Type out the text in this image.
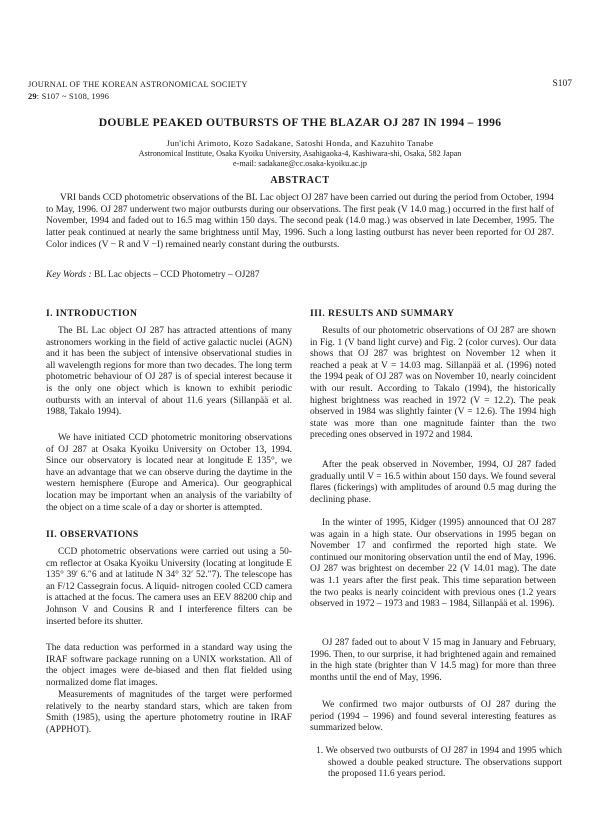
JOURNAL OF THE KOREAN ASTRONOMICAL SOCIETY
29: S107 ~ S108, 1996
S107
DOUBLE PEAKED OUTBURSTS OF THE BLAZAR OJ 287 IN 1994 – 1996
Jun'ichi Arimoto, Kozo Sadakane, Satoshi Honda, and Kazuhito Tanabe
Astronomical Institute, Osaka Kyoiku University, Asahigaoka-4, Kashiwara-shi, Osaka, 582 Japan
e-mail: sadakane@cc.osaka-kyoiku.ac.jp
ABSTRACT
VRI bands CCD photometric observations of the BL Lac object OJ 287 have been carried out during the period from October, 1994 to May, 1996. OJ 287 underwent two major outbursts during our observations. The first peak (V 14.0 mag.) occurred in the first half of November, 1994 and faded out to 16.5 mag within 150 days. The second peak (14.0 mag.) was observed in late December, 1995. The latter peak continued at nearly the same brightness until May, 1996. Such a long lasting outburst has never been reported for OJ 287. Color indices (V − R and V −I) remained nearly constant during the outbursts.
Key Words : BL Lac objects – CCD Photometry – OJ287
I. INTRODUCTION
The BL Lac object OJ 287 has attracted attentions of many astronomers working in the field of active galactic nuclei (AGN) and it has been the subject of intensive observational studies in all wavelength regions for more than two decades. The long term photometric behaviour of OJ 287 is of special interest because it is the only one object which is known to exhibit periodic outbursts with an interval of about 11.6 years (Sillanpää et al. 1988, Takalo 1994).
We have initiated CCD photometric monitoring observations of OJ 287 at Osaka Kyoiku University on October 13, 1994. Since our observatory is located near at longitude E 135°, we have an advantage that we can observe during the daytime in the western hemisphere (Europe and America). Our geographical location may be important when an analysis of the variabilty of the object on a time scale of a day or shorter is attempted.
II. OBSERVATIONS
CCD photometric observations were carried out using a 50-cm reflector at Osaka Kyoiku University (locating at longitude E 135° 39′ 6.″6 and at latitude N 34° 32′ 52.″7). The telescope has an F/12 Cassegrain focus. A liquid- nitrogen cooled CCD camera is attached at the focus. The camera uses an EEV 88200 chip and Johnson V and Cousins R and I interference filters can be inserted before its shutter.
The data reduction was performed in a standard way using the IRAF software package running on a UNIX workstation. All of the object images were de-biased and then flat fielded using normalized dome flat images.
Measurements of magnitudes of the target were performed relatively to the nearby standard stars, which are taken from Smith (1985), using the aperture photometry routine in IRAF (APPHOT).
III. RESULTS AND SUMMARY
Results of our photometric observations of OJ 287 are shown in Fig. 1 (V band light curve) and Fig. 2 (color curves). Our data shows that OJ 287 was brightest on November 12 when it reached a peak at V = 14.03 mag. Sillanpää et al. (1996) noted the 1994 peak of OJ 287 was on November 10, nearly coincident with our result. According to Takalo (1994), the historically highest brightness was reached in 1972 (V = 12.2). The peak observed in 1984 was slightly fainter (V = 12.6). The 1994 high state was more than one magnitude fainter than the two preceding ones observed in 1972 and 1984.
After the peak observed in November, 1994, OJ 287 faded gradually until V = 16.5 within about 150 days. We found several flares (fickerings) with amplitudes of around 0.5 mag during the declining phase.
In the winter of 1995, Kidger (1995) announced that OJ 287 was again in a high state. Our observations in 1995 began on November 17 and confirmed the reported high state. We continued our monitoring observation until the end of May, 1996. OJ 287 was brightest on december 22 (V 14.01 mag). The date was 1.1 years after the first peak. This time separation between the two peaks is nearly coincident with previous ones (1.2 years observed in 1972 – 1973 and 1983 – 1984, Sillanpää et al. 1996).
OJ 287 faded out to about V 15 mag in January and February, 1996. Then, to our surprise, it had brightened again and remained in the high state (brighter than V 14.5 mag) for more than three months until the end of May, 1996.
We confirmed two major outbursts of OJ 287 during the period (1994 – 1996) and found several interesting features as summarized below.
1. We observed two outbursts of OJ 287 in 1994 and 1995 which showed a double peaked structure. The observations support the proposed 11.6 years period.
